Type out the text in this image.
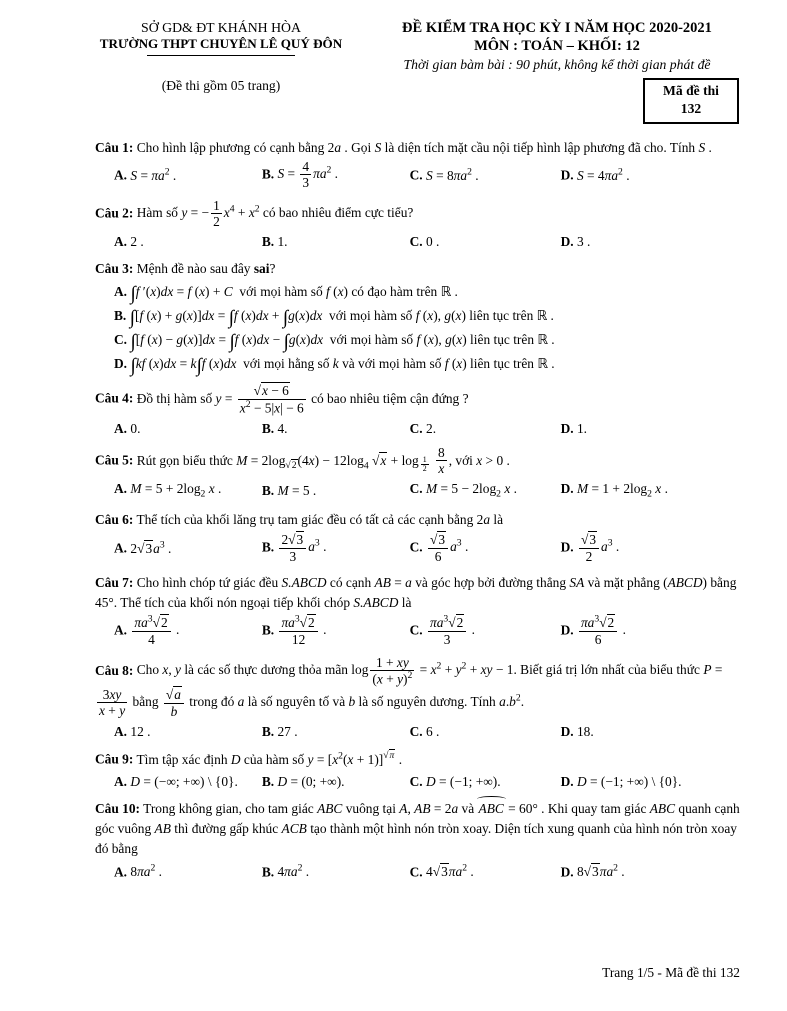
SỞ GD& ĐT KHÁNH HÒA
TRƯỜNG THPT CHUYÊN LÊ QUÝ ĐÔN
(Đề thi gồm 05 trang)
ĐỀ KIỂM TRA HỌC KỲ I NĂM HỌC 2020-2021
MÔN : TOÁN – KHỐI: 12
Thời gian bàm bài : 90 phút, không kể thời gian phát đề
Mã đề thi
132

Câu 1: Cho hình lập phương có cạnh bằng 2a . Gọi S là diện tích mặt cầu nội tiếp hình lập phương đã cho. Tính S .

A. $S = \pi a^2$ .	B. $S = \frac{4}{3} \pi a^2$ .	C. $S = 8\pi a^2$ .	D. $S = 4\pi a^2$ .

Câu 2: Hàm số y = − $\frac{1}{2} x^4 + x^2$ có bao nhiêu điểm cực tiểu?

A. 2 .	B. 1.	C. 0 .	D. 3 .

Câu 3: Mệnh đề nào sau đây sai?

A. ∫f ′(x)dx = f (x) + C  với mọi hàm số f (x) có đạo hàm trên ℝ .
B. ∫[f (x) + g(x)]dx = ∫f (x)dx + ∫g(x)dx  với mọi hàm số f (x), g(x) liên tục trên ℝ .
C. ∫[f (x) − g(x)]dx = ∫f (x)dx − ∫g(x)dx  với mọi hàm số f (x), g(x) liên tục trên ℝ .
D. ∫kf (x)dx = k∫f (x)dx  với mọi hằng số k và với mọi hàm số f (x) liên tục trên ℝ .

Câu 4: Đồ thị hàm số $y = \frac{√x - 6}{x^2 - 5|x| - 6}$ có bao nhiêu tiệm cận đứng ?

A. 0.	B. 4.	C. 2.	D. 1.

Câu 5: Rút gọn biểu thức $M = 2\log_{√2}(4x) - 12\log_4$ √x + log $_{\frac{1}{2}}$
$\frac{8}{x}$ , với x > 0 .

A. $M = 5 + 2\log_2$ x .	B. M = 5 .	C. $M = 5 - 2\log_2$ x .	D. $M = 1 + 2\log_2$ x .

Câu 6: Thể tích của khối lăng trụ tam giác đều có tất cả các cạnh bằng 2a là

A. $2√3a^3$ .	B. $\frac{2√3}{3} a^3$ .	C. $\frac{√3}{6} a^3$ .	D. $\frac{√3}{2} a^3$ .

Câu 7: Cho hình chóp tứ giác đều S.ABCD có cạnh AB = a và góc hợp bởi đường thẳng SA và mặt phẳng (ABCD) bằng 45°. Thể tích của khối nón ngoại tiếp khối chóp S.ABCD là

A. $\frac{\pi a^3√2}{4}$ .	B. $\frac{\pi a^3√2}{12}$ .	C. $\frac{\pi a^3√2}{3}$ .	D. $\frac{\pi a^3√2}{6}$ .

Câu 8: Cho x, y là các số thực dương thỏa mãn $\log \frac{1 + xy}{(x + y)^2} = x^2 + y^2$ + xy − 1. Biết giá trị lớn nhất của biểu thức P =
$\frac{3xy}{x + y}$ bằng $\frac{√a}{b}$ trong đó a là số nguyên tố và b là số nguyên dương. Tính $a.b^2$.

A. 12 .	B. 27 .	C. 6 .	D. 18.

Câu 9: Tìm tập xác định D của hàm số $y = [x^2(x + 1)]^{√\pi}$ .

A. D = (−∞; +∞) \ {0}.	B. D = (0; +∞).	C. D = (−1; +∞).	D. D = (−1; +∞) \ {0}.

Câu 10: Trong không gian, cho tam giác ABC vuông tại A, AB = 2a và ABC = 60° . Khi quay tam giác ABC quanh cạnh góc vuông AB thì đường gấp khúc ACB tạo thành một hình nón tròn xoay. Diện tích xung quanh của hình nón tròn xoay đó bằng

A. $8\pi a^2$ .	B. $4\pi a^2$ .	C. $4√3\pi a^2$ .	D. $8√3\pi a^2$ .
Trang 1/5 - Mã đề thi 132
